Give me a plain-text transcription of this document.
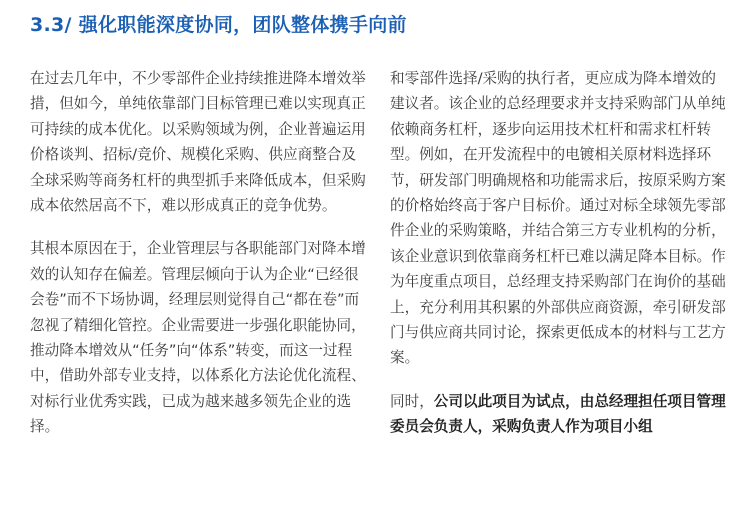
3.3/ 强化职能深度协同，团队整体携手向前

在过去几年中，不少零部件企业持续推进降本增效举措，但如今，单纯依靠部门目标管理已难以实现真正可持续的成本优化。以采购领域为例，企业普遍运用价格谈判、招标/竞价、规模化采购、供应商整合及全球采购等商务杠杆的典型抓手来降低成本，但采购成本依然居高不下，难以形成真正的竞争优势。

其根本原因在于，企业管理层与各职能部门对降本增效的认知存在偏差。管理层倾向于认为企业“已经很会卷”而不下场协调，经理层则觉得自己“都在卷”而忽视了精细化管控。企业需要进一步强化职能协同，推动降本增效从“任务”向“体系”转变，而这一过程中，借助外部专业支持，以体系化方法论优化流程、对标行业优秀实践，已成为越来越多领先企业的选择。

和零部件选择/采购的执行者，更应成为降本增效的建议者。该企业的总经理要求并支持采购部门从单纯依赖商务杠杆，逐步向运用技术杠杆和需求杠杆转型。例如，在开发流程中的电镀相关原材料选择环节，研发部门明确规格和功能需求后，按原采购方案的价格始终高于客户目标价。通过对标全球领先零部件企业的采购策略，并结合第三方专业机构的分析，该企业意识到依靠商务杠杆已难以满足降本目标。作为年度重点项目，总经理支持采购部门在询价的基础上，充分利用其积累的外部供应商资源，牵引研发部门与供应商共同讨论，探索更低成本的材料与工艺方案。

同时，公司以此项目为试点，由总经理担任项目管理委员会负责人，采购负责人作为项目小组
